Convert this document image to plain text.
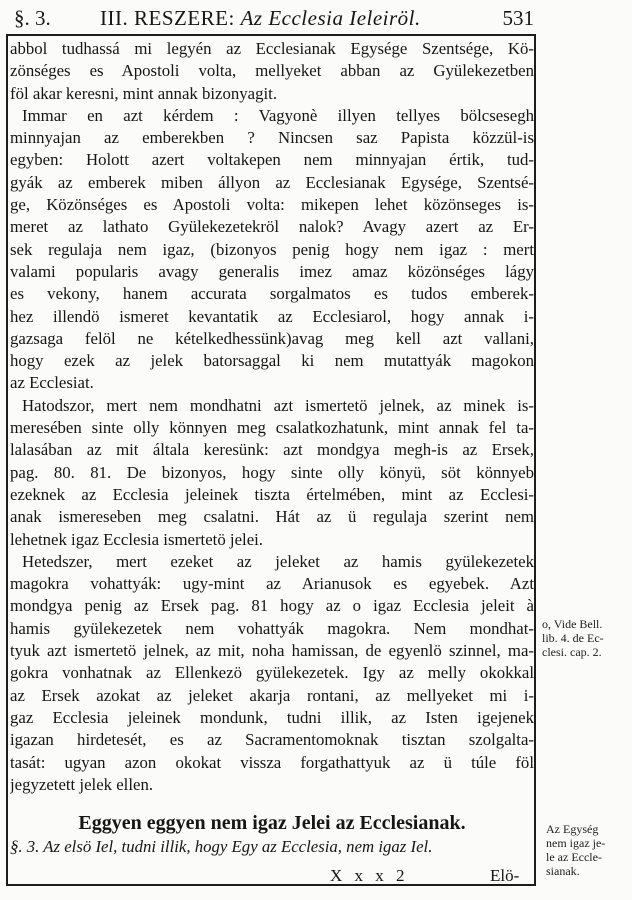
§. 3. III. RESZERE: Az Ecclesia Ieleiröl.	531
abbol tudhassá mi legyén az Ecclesianak Egysége Szentsége, Kö-
zönséges es Apostoli volta, mellyeket abban az Gyülekezetben
föl akar keresni, mint annak bizonyagit.
Immar en azt kérdem : Vagyonè illyen tellyes bölcsesegh
minnyajan az emberekben ? Nincsen saz Papista közzül-is
egyben: Holott azert voltakepen nem minnyajan értik, tud-
gyák az emberek miben állyon az Ecclesianak Egysége, Szentsé-
ge, Közönséges es Apostoli volta: mikepen lehet közönseges is-
meret az lathato Gyülekezetekröl nalok? Avagy azert az Er-
sek regulaja nem igaz, (bizonyos penig hogy nem igaz : mert
valami popularis avagy generalis imez amaz közönséges lágy
es vekony, hanem accurata sorgalmatos es tudos emberek-
hez illendö ismeret kevantatik az Ecclesiarol, hogy annak i-
gazsaga felöl ne kételkedhessünk)avag meg kell azt vallani,
hogy ezek az jelek batorsaggal ki nem mutattyák magokon
az Ecclesiat.
Hatodszor, mert nem mondhatni azt ismertetö jelnek, az minek is-
meresében sinte olly könnyen meg csalatkozhatunk, mint annak fel ta-
lalasában az mit általa keresünk: azt mondgya megh-is az Ersek,
pag. 80. 81. De bizonyos, hogy sinte olly könyü, söt könnyeb
ezeknek az Ecclesia jeleinek tiszta értelmében, mint az Ecclesi-
anak ismereseben meg csalatni. Hát az ü regulaja szerint nem
lehetnek igaz Ecclesia ismertetö jelei.
Hetedszer, mert ezeket az jeleket az hamis gyülekezetek
magokra vohattyák: ugy-mint az Arianusok es egyebek. Azt
mondgya penig az Ersek pag. 81 hogy az o igaz Ecclesia jeleit à
hamis gyülekezetek nem vohattyák magokra. Nem mondhat-
tyuk azt ismertetö jelnek, az mit, noha hamissan, de egyenlö szinnel, ma-
gokra vonhatnak az Ellenkezö gyülekezetek. Igy az melly okokkal
az Ersek azokat az jeleket akarja rontani, az mellyeket mi i-
gaz Ecclesia jeleinek mondunk, tudni illik, az Isten igejenek
igazan hirdetesét, es az Sacramentomoknak tisztan szolgalta-
tasát: ugyan azon okokat vissza forgathattyuk az ü túle föl
jegyzetett jelek ellen.
Eggyen eggyen nem igaz Jelei az Ecclesianak.
§. 3. Az elsö Iel, tudni illik, hogy Egy az Ecclesia, nem igaz Iel.
X x x 2	Elö-
o, Vide Bell.
lib. 4. de Ec-
clesi. cap. 2.
Az Egység
nem igaz je-
le az Eccle-
sianak.
